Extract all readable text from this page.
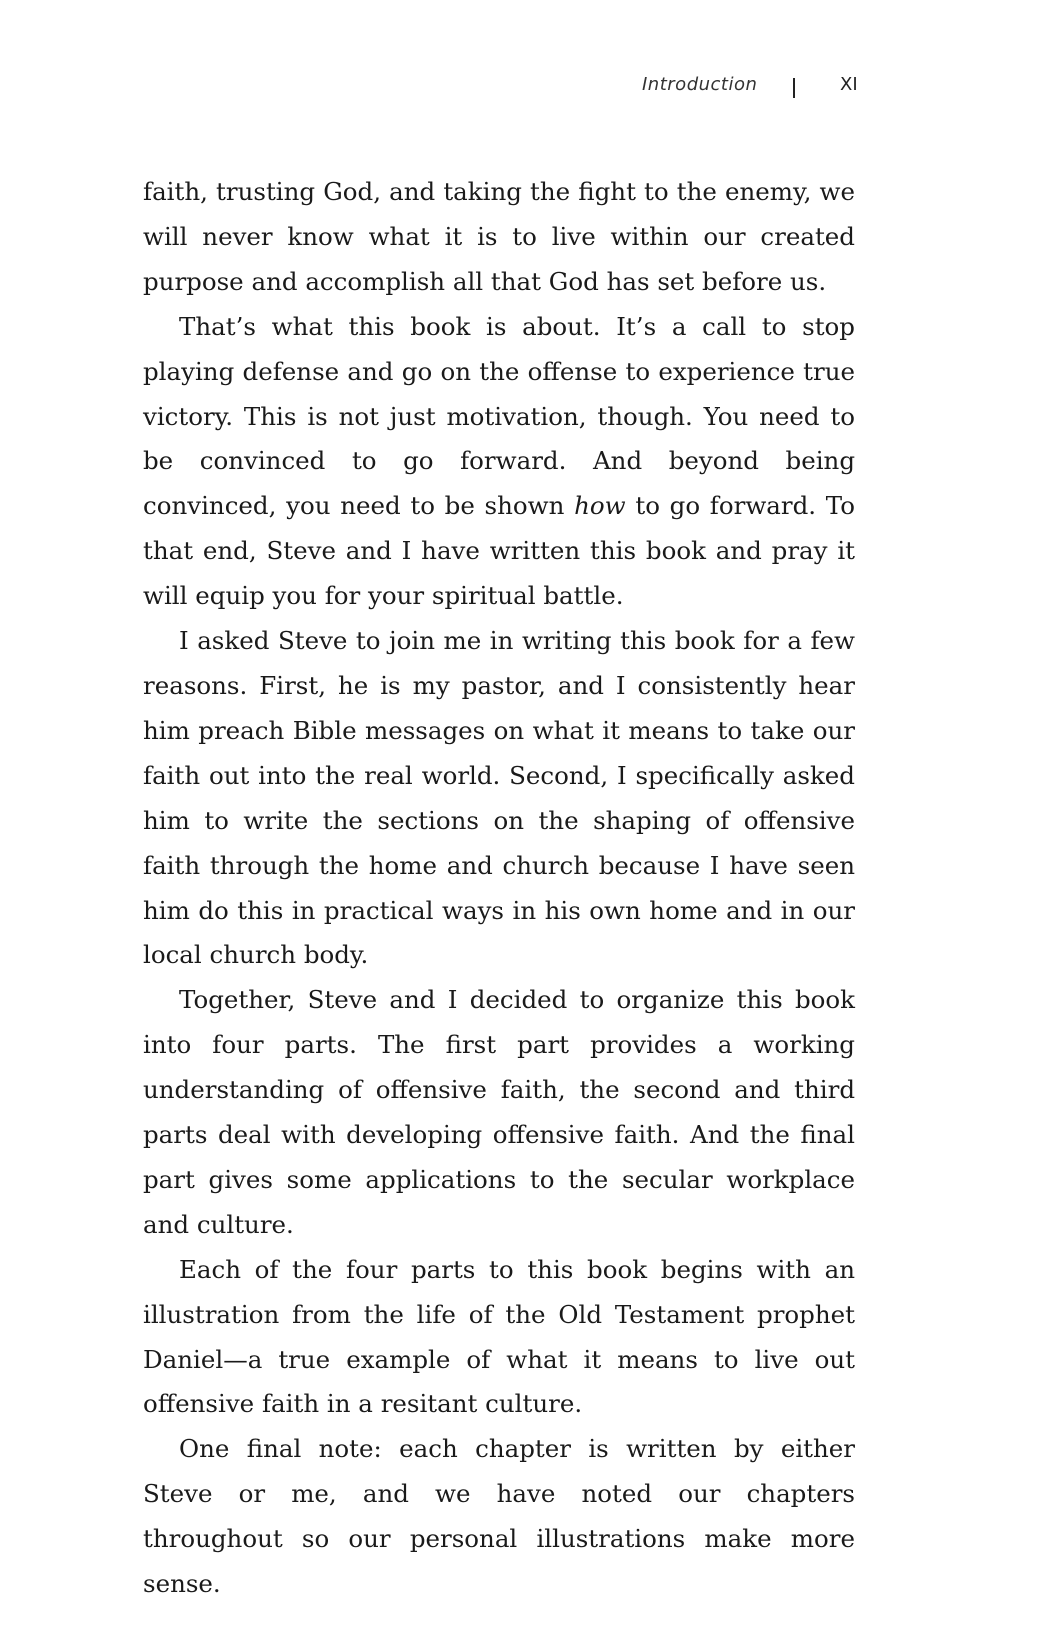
Introduction	XI

faith, trusting God, and taking the fight to the enemy, we will never know what it is to live within our created purpose and accomplish all that God has set before us.

That’s what this book is about. It’s a call to stop playing defense and go on the offense to experience true victory. This is not just motivation, though. You need to be convinced to go forward. And beyond being convinced, you need to be shown how to go forward. To that end, Steve and I have written this book and pray it will equip you for your spiritual battle.

I asked Steve to join me in writing this book for a few reasons. First, he is my pastor, and I consistently hear him preach Bible messages on what it means to take our faith out into the real world. Second, I specifically asked him to write the sections on the shaping of offensive faith through the home and church because I have seen him do this in practical ways in his own home and in our local church body.

Together, Steve and I decided to organize this book into four parts. The first part provides a working understanding of offensive faith, the second and third parts deal with developing offensive faith. And the final part gives some applications to the secular workplace and culture.

Each of the four parts to this book begins with an illustration from the life of the Old Testament prophet Daniel—a true example of what it means to live out offensive faith in a resitant culture.

One final note: each chapter is written by either Steve or me, and we have noted our chapters throughout so our personal illustrations make more sense.
